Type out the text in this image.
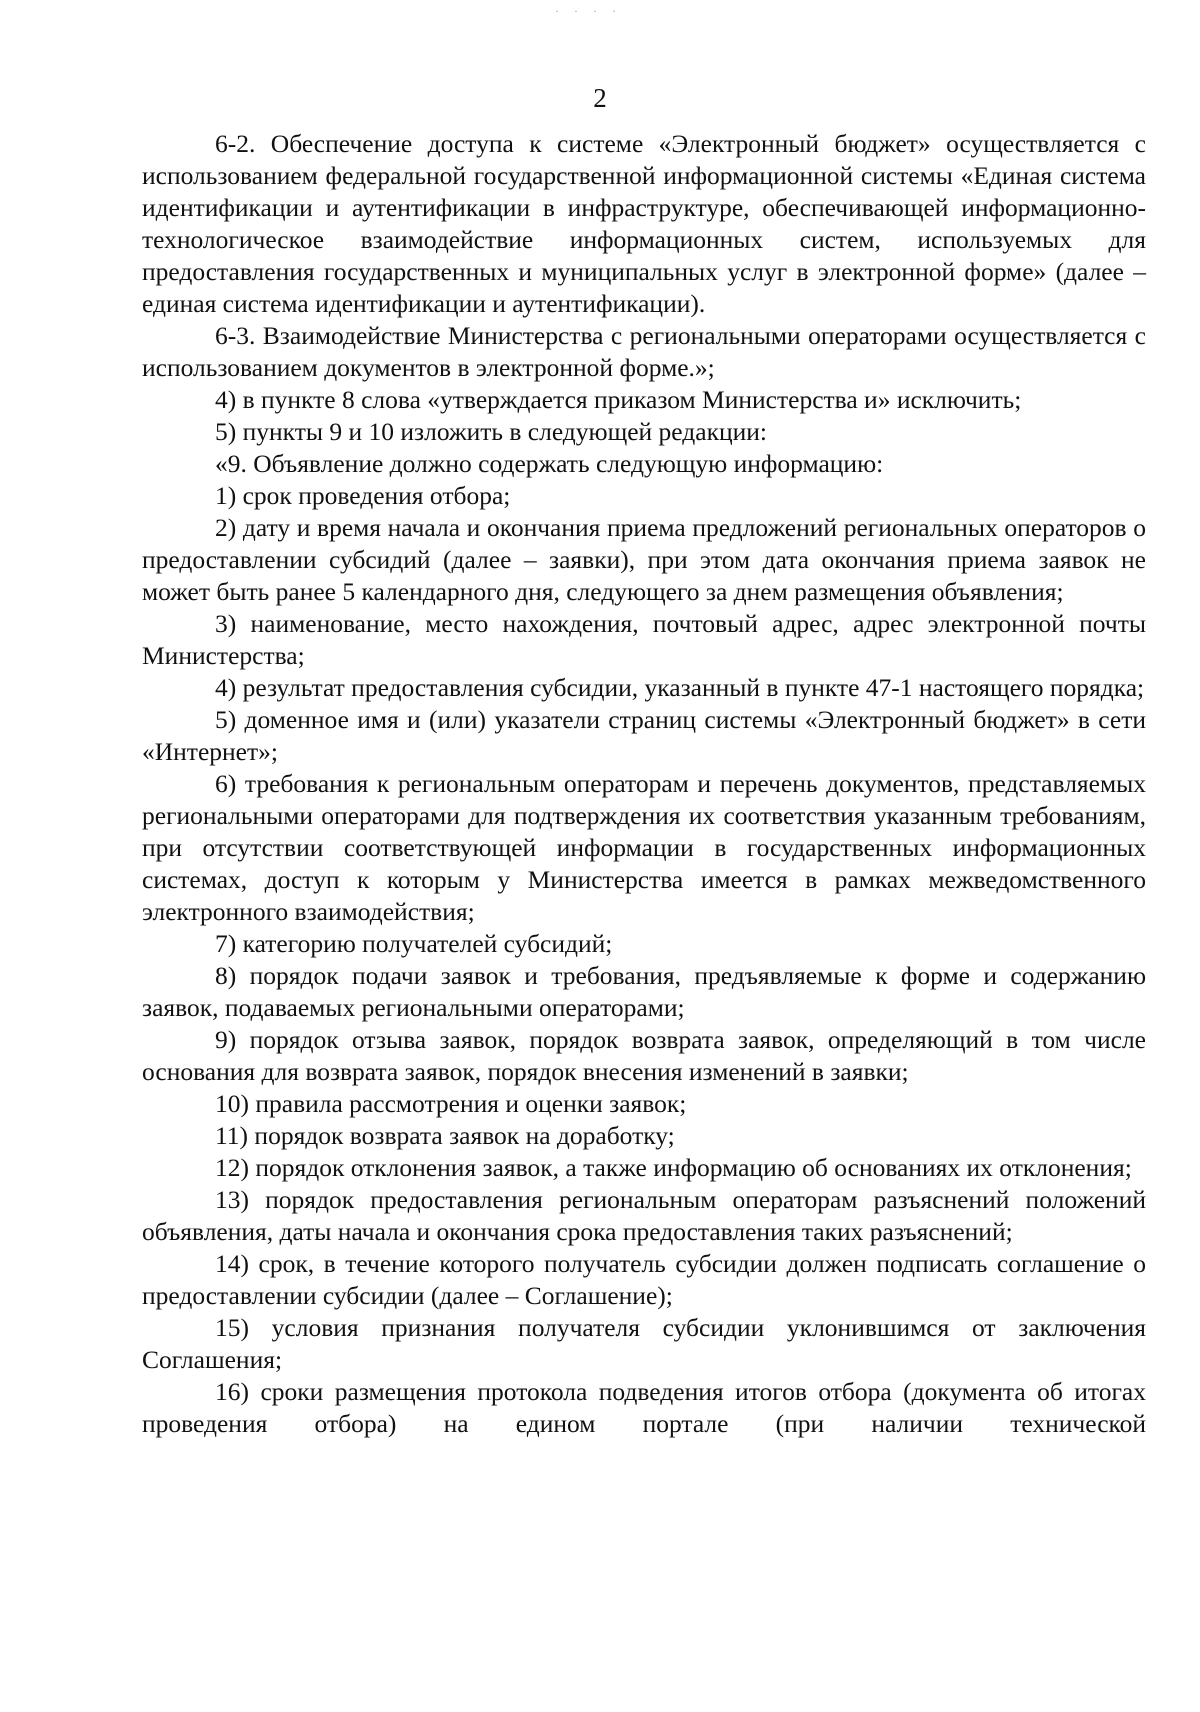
· · · ·
2

6-2. Обеспечение доступа к системе «Электронный бюджет» осуществляется с использованием федеральной государственной информационной системы «Единая система идентификации и аутентификации в инфраструктуре, обеспечивающей информационно-технологическое взаимодействие информационных систем, используемых для предоставления государственных и муниципальных услуг в электронной форме» (далее – единая система идентификации и аутентификации).

6-3. Взаимодействие Министерства с региональными операторами осуществляется с использованием документов в электронной форме.»;

4) в пункте 8 слова «утверждается приказом Министерства и» исключить;

5) пункты 9 и 10 изложить в следующей редакции:

«9. Объявление должно содержать следующую информацию:

1) срок проведения отбора;

2) дату и время начала и окончания приема предложений региональных операторов о предоставлении субсидий (далее – заявки), при этом дата окончания приема заявок не может быть ранее 5 календарного дня, следующего за днем размещения объявления;

3) наименование, место нахождения, почтовый адрес, адрес электронной почты Министерства;

4) результат предоставления субсидии, указанный в пункте 47-1 настоящего порядка;

5) доменное имя и (или) указатели страниц системы «Электронный бюджет» в сети «Интернет»;

6) требования к региональным операторам и перечень документов, представляемых региональными операторами для подтверждения их соответствия указанным требованиям, при отсутствии соответствующей информации в государственных информационных системах, доступ к которым у Министерства имеется в рамках межведомственного электронного взаимодействия;

7) категорию получателей субсидий;

8) порядок подачи заявок и требования, предъявляемые к форме и содержанию заявок, подаваемых региональными операторами;

9) порядок отзыва заявок, порядок возврата заявок, определяющий в том числе основания для возврата заявок, порядок внесения изменений в заявки;

10) правила рассмотрения и оценки заявок;

11) порядок возврата заявок на доработку;

12) порядок отклонения заявок, а также информацию об основаниях их отклонения;

13) порядок предоставления региональным операторам разъяснений положений объявления, даты начала и окончания срока предоставления таких разъяснений;

14) срок, в течение которого получатель субсидии должен подписать соглашение о предоставлении субсидии (далее – Соглашение);

15) условия признания получателя субсидии уклонившимся от заключения Соглашения;

16) сроки размещения протокола подведения итогов отбора (документа об итогах проведения отбора) на едином портале (при наличии технической
